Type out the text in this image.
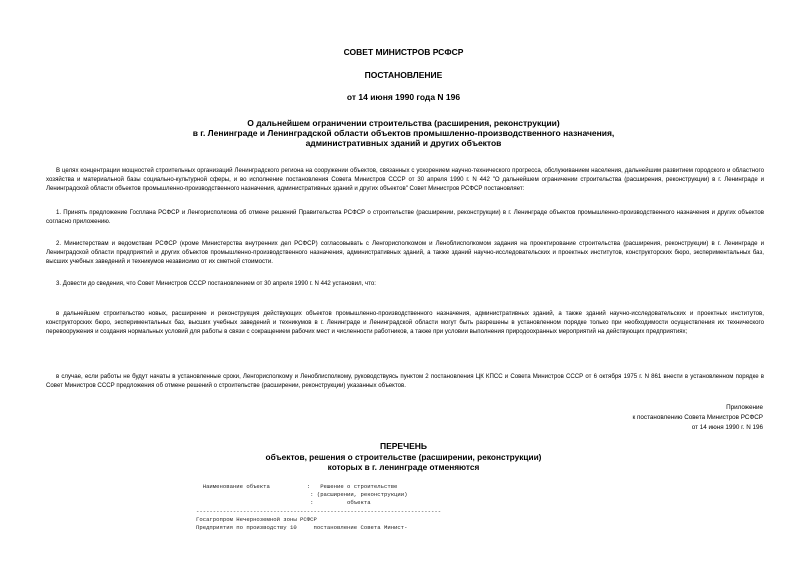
СОВЕТ МИНИСТРОВ РСФСР
ПОСТАНОВЛЕНИЕ
от 14 июня 1990 года N 196
О дальнейшем ограничении строительства (расширения, реконструкции)
в г. Ленинграде и Ленинградской области объектов промышленно-производственного назначения,
административных зданий и других объектов
В целях концентрации мощностей строительных организаций Ленинградского региона на сооружении объектов, связанных с ускорением научно-технического прогресса, обслуживанием населения, дальнейшим развитием городского и областного хозяйства и материальной базы социально-культурной сферы, и во исполнение постановления Совета Министров СССР от 30 апреля 1990 г. N 442 "О дальнейшем ограничении строительства (расширения, реконструкции) в г. Ленинграде и Ленинградской области объектов промышленно-производственного назначения, административных зданий и других объектов" Совет Министров РСФСР постановляет:
1. Принять предложение Госплана РСФСР и Ленгорисполкома об отмене решений Правительства РСФСР о строительстве (расширении, реконструкции) в г. Ленинграде объектов промышленно-производственного назначения и других объектов согласно приложению.
2. Министерствам и ведомствам РСФСР (кроме Министерства внутренних дел РСФСР) согласовывать с Ленгорисполкомом и Леноблисполкомом задания на проектирование строительства (расширения, реконструкции) в г. Ленинграде и Ленинградской области предприятий и других объектов промышленно-производственного назначения, административных зданий, а также зданий научно-исследовательских и проектных институтов, конструкторских бюро, экспериментальных баз, высших учебных заведений и техникумов независимо от их сметной стоимости.
3. Довести до сведения, что Совет Министров СССР постановлением от 30 апреля 1990 г. N 442 установил, что:
в дальнейшем строительство новых, расширение и реконструкция действующих объектов промышленно-производственного назначения, административных зданий, а также зданий научно-исследовательских и проектных институтов, конструкторских бюро, экспериментальных баз, высших учебных заведений и техникумов в г. Ленинграде и Ленинградской области могут быть разрешены в установленном порядке только при необходимости осуществления их технического перевооружения и создания нормальных условий для работы в связи с сокращением рабочих мест и численности работников, а также при условии выполнения природоохранных мероприятий на действующих предприятиях;
в случае, если работы не будут начаты в установленные сроки, Ленгорисполкому и Леноблисполкому, руководствуясь пунктом 2 постановления ЦК КПСС и Совета Министров СССР от 6 октября 1975 г. N 861 внести в установленном порядке в Совет Министров СССР предложения об отмене решений о строительстве (расширении, реконструкции) указанных объектов.
Приложение
к постановлению Совета Министров РСФСР
от 14 июня 1990 г. N 196
ПЕРЕЧЕНЬ
объектов, решения о строительстве (расширении, реконструкции)
которых в г. ленинграде отменяются
Наименование объекта           :   Решение о строительстве
: (расширении, реконструкции)
:          объекта
-------------------------------------------------------------------------
Госагропром Нечерноземной зоны РСФСР
Предприятия по производству 10     постановление Совета Минист-
